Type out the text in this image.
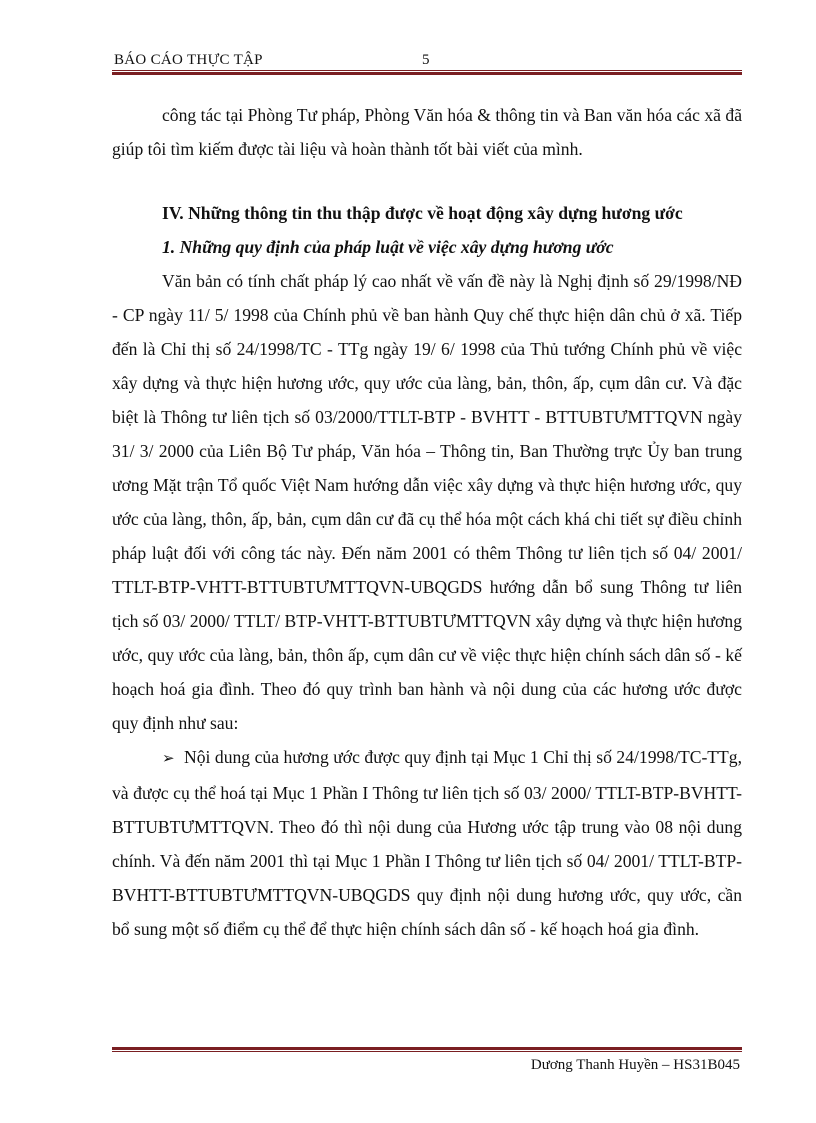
BÁO CÁO THỰC TẬP	5

công tác tại Phòng Tư pháp, Phòng Văn hóa & thông tin và Ban văn hóa các xã đã giúp tôi tìm kiếm được tài liệu và hoàn thành tốt bài viết của mình.

IV. Những thông tin thu thập được về hoạt động xây dựng hương ước

1. Những quy định của pháp luật về việc xây dựng hương ước

Văn bản có tính chất pháp lý cao nhất về vấn đề này là Nghị định số 29/1998/NĐ - CP ngày 11/ 5/ 1998 của Chính phủ về ban hành Quy chế thực hiện dân chủ ở xã. Tiếp đến là Chỉ thị số 24/1998/TC - TTg ngày 19/ 6/ 1998 của Thủ tướng Chính phủ về việc xây dựng và thực hiện hương ước, quy ước của làng, bản, thôn, ấp, cụm dân cư. Và đặc biệt là Thông tư liên tịch số 03/2000/TTLT-BTP - BVHTT - BTTUBTƯMTTQVN ngày 31/ 3/ 2000 của Liên Bộ Tư pháp, Văn hóa – Thông tin, Ban Thường trực Ủy ban trung ương Mặt trận Tổ quốc Việt Nam hướng dẫn việc xây dựng và thực hiện hương ước, quy ước của làng, thôn, ấp, bản, cụm dân cư đã cụ thể hóa một cách khá chi tiết sự điều chỉnh pháp luật đối với công tác này. Đến năm 2001 có thêm Thông tư liên tịch số 04/ 2001/ TTLT-BTP-VHTT-BTTUBTƯMTTQVN-UBQGDS hướng dẫn bổ sung Thông tư liên tịch số 03/ 2000/ TTLT/ BTP-VHTT-BTTUBTƯMTTQVN xây dựng và thực hiện hương ước, quy ước của làng, bản, thôn ấp, cụm dân cư về việc thực hiện chính sách dân số - kế hoạch hoá gia đình. Theo đó quy trình ban hành và nội dung của các hương ước được quy định như sau:

➢ Nội dung của hương ước được quy định tại Mục 1 Chỉ thị số 24/1998/TC-TTg, và được cụ thể hoá tại Mục 1 Phần I Thông tư liên tịch số 03/ 2000/ TTLT-BTP-BVHTT-BTTUBTƯMTTQVN. Theo đó thì nội dung của Hương ước tập trung vào 08 nội dung chính. Và đến năm 2001 thì tại Mục 1 Phần I Thông tư liên tịch số 04/ 2001/ TTLT-BTP-BVHTT-BTTUBTƯMTTQVN-UBQGDS quy định nội dung hương ước, quy ước, cần bổ sung một số điểm cụ thể để thực hiện chính sách dân số - kế hoạch hoá gia đình.

Dương Thanh Huyền – HS31B045
